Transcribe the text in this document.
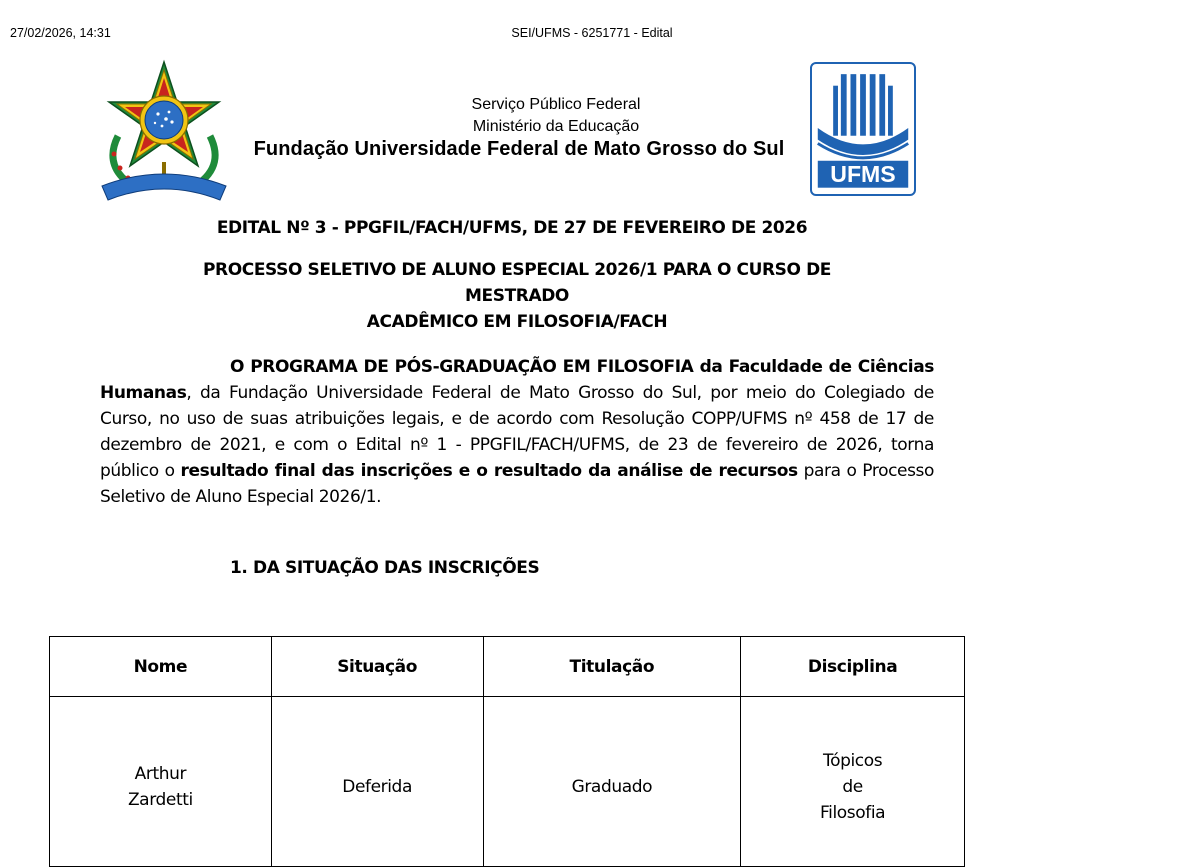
27/02/2026, 14:31	SEI/UFMS - 6251771 - Edital
Serviço Público Federal
Ministério da Educação
Fundação Universidade Federal de Mato Grosso do Sul
UFMS
EDITAL Nº 3 - PPGFIL/FACH/UFMS, DE 27 DE FEVEREIRO DE 2026
PROCESSO SELETIVO DE ALUNO ESPECIAL 2026/1 PARA O CURSO DE MESTRADO
ACADÊMICO EM FILOSOFIA/FACH

O PROGRAMA DE PÓS-GRADUAÇÃO EM FILOSOFIA da Faculdade de Ciências Humanas, da Fundação Universidade Federal de Mato Grosso do Sul, por meio do Colegiado de Curso, no uso de suas atribuições legais, e de acordo com Resolução COPP/UFMS nº 458 de 17 de dezembro de 2021, e com o Edital nº 1 - PPGFIL/FACH/UFMS, de 23 de fevereiro de 2026, torna público o resultado final das inscrições e o resultado da análise de recursos para o Processo Seletivo de Aluno Especial 2026/1.

1. DA SITUAÇÃO DAS INSCRIÇÕES
Nome	Situação	Titulação	Disciplina

Arthur
Zardetti	Deferida	Graduado	Tópicos
de
Filosofia
